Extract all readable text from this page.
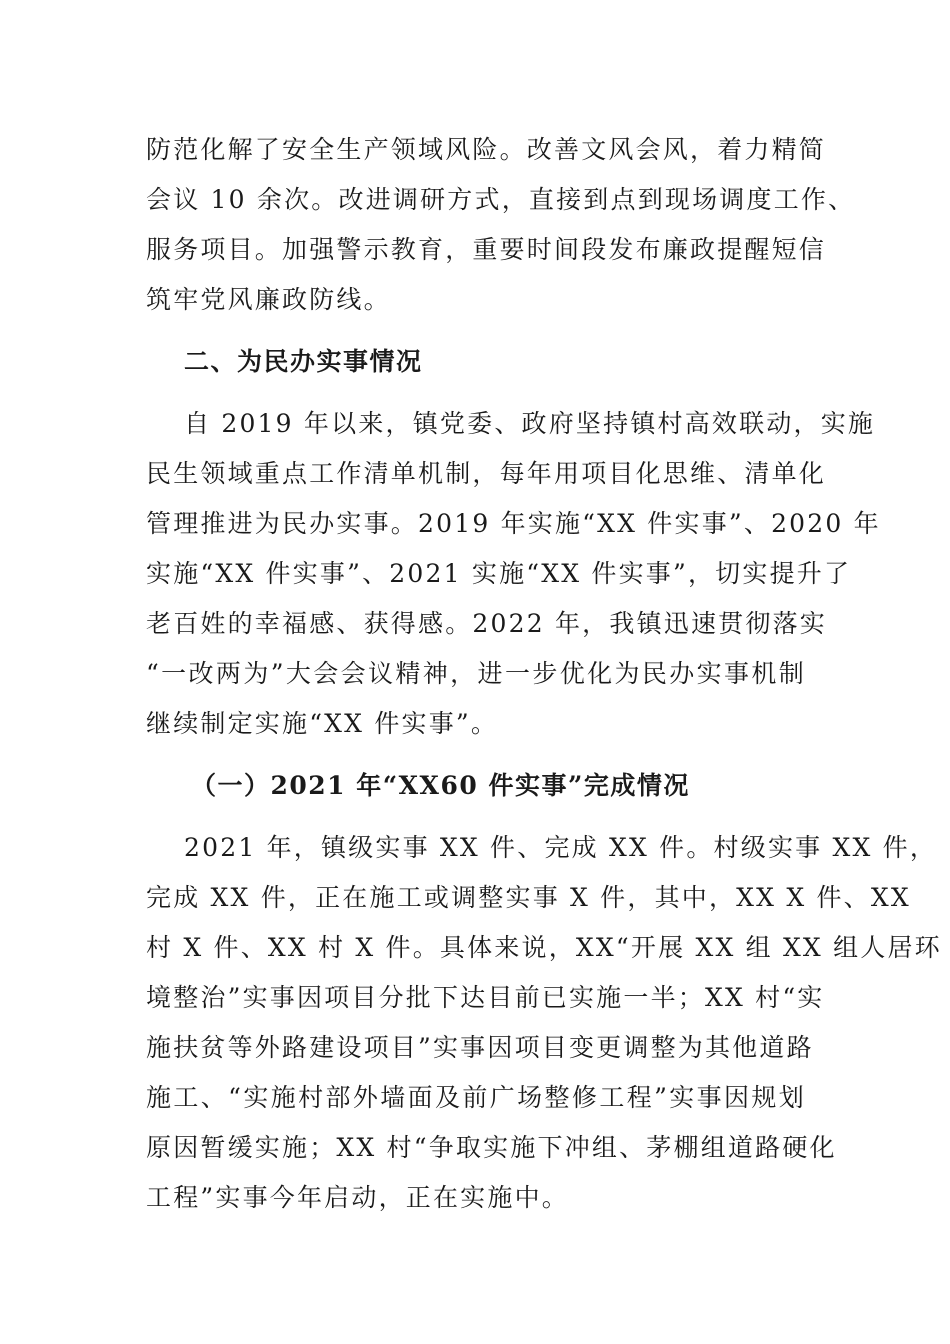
防范化解了安全生产领域风险。改善文风会风，着力精简
会议 10 余次。改进调研方式，直接到点到现场调度工作、
服务项目。加强警示教育，重要时间段发布廉政提醒短信
筑牢党风廉政防线。
二、为民办实事情况
自 2019 年以来，镇党委、政府坚持镇村高效联动，实施
民生领域重点工作清单机制，每年用项目化思维、清单化
管理推进为民办实事。2019 年实施“XX 件实事”、2020 年
实施“XX 件实事”、2021 实施“XX 件实事”，切实提升了
老百姓的幸福感、获得感。2022 年，我镇迅速贯彻落实
“一改两为”大会会议精神，进一步优化为民办实事机制
继续制定实施“XX 件实事”。
（一）2021 年“XX60 件实事”完成情况
2021 年，镇级实事 XX 件、完成 XX 件。村级实事 XX 件，
完成 XX 件，正在施工或调整实事 X 件，其中，XX X 件、XX
村 X 件、XX 村 X 件。具体来说，XX“开展 XX 组 XX 组人居环
境整治”实事因项目分批下达目前已实施一半；XX 村“实
施扶贫等外路建设项目”实事因项目变更调整为其他道路
施工、“实施村部外墙面及前广场整修工程”实事因规划
原因暂缓实施；XX 村“争取实施下冲组、茅棚组道路硬化
工程”实事今年启动，正在实施中。
